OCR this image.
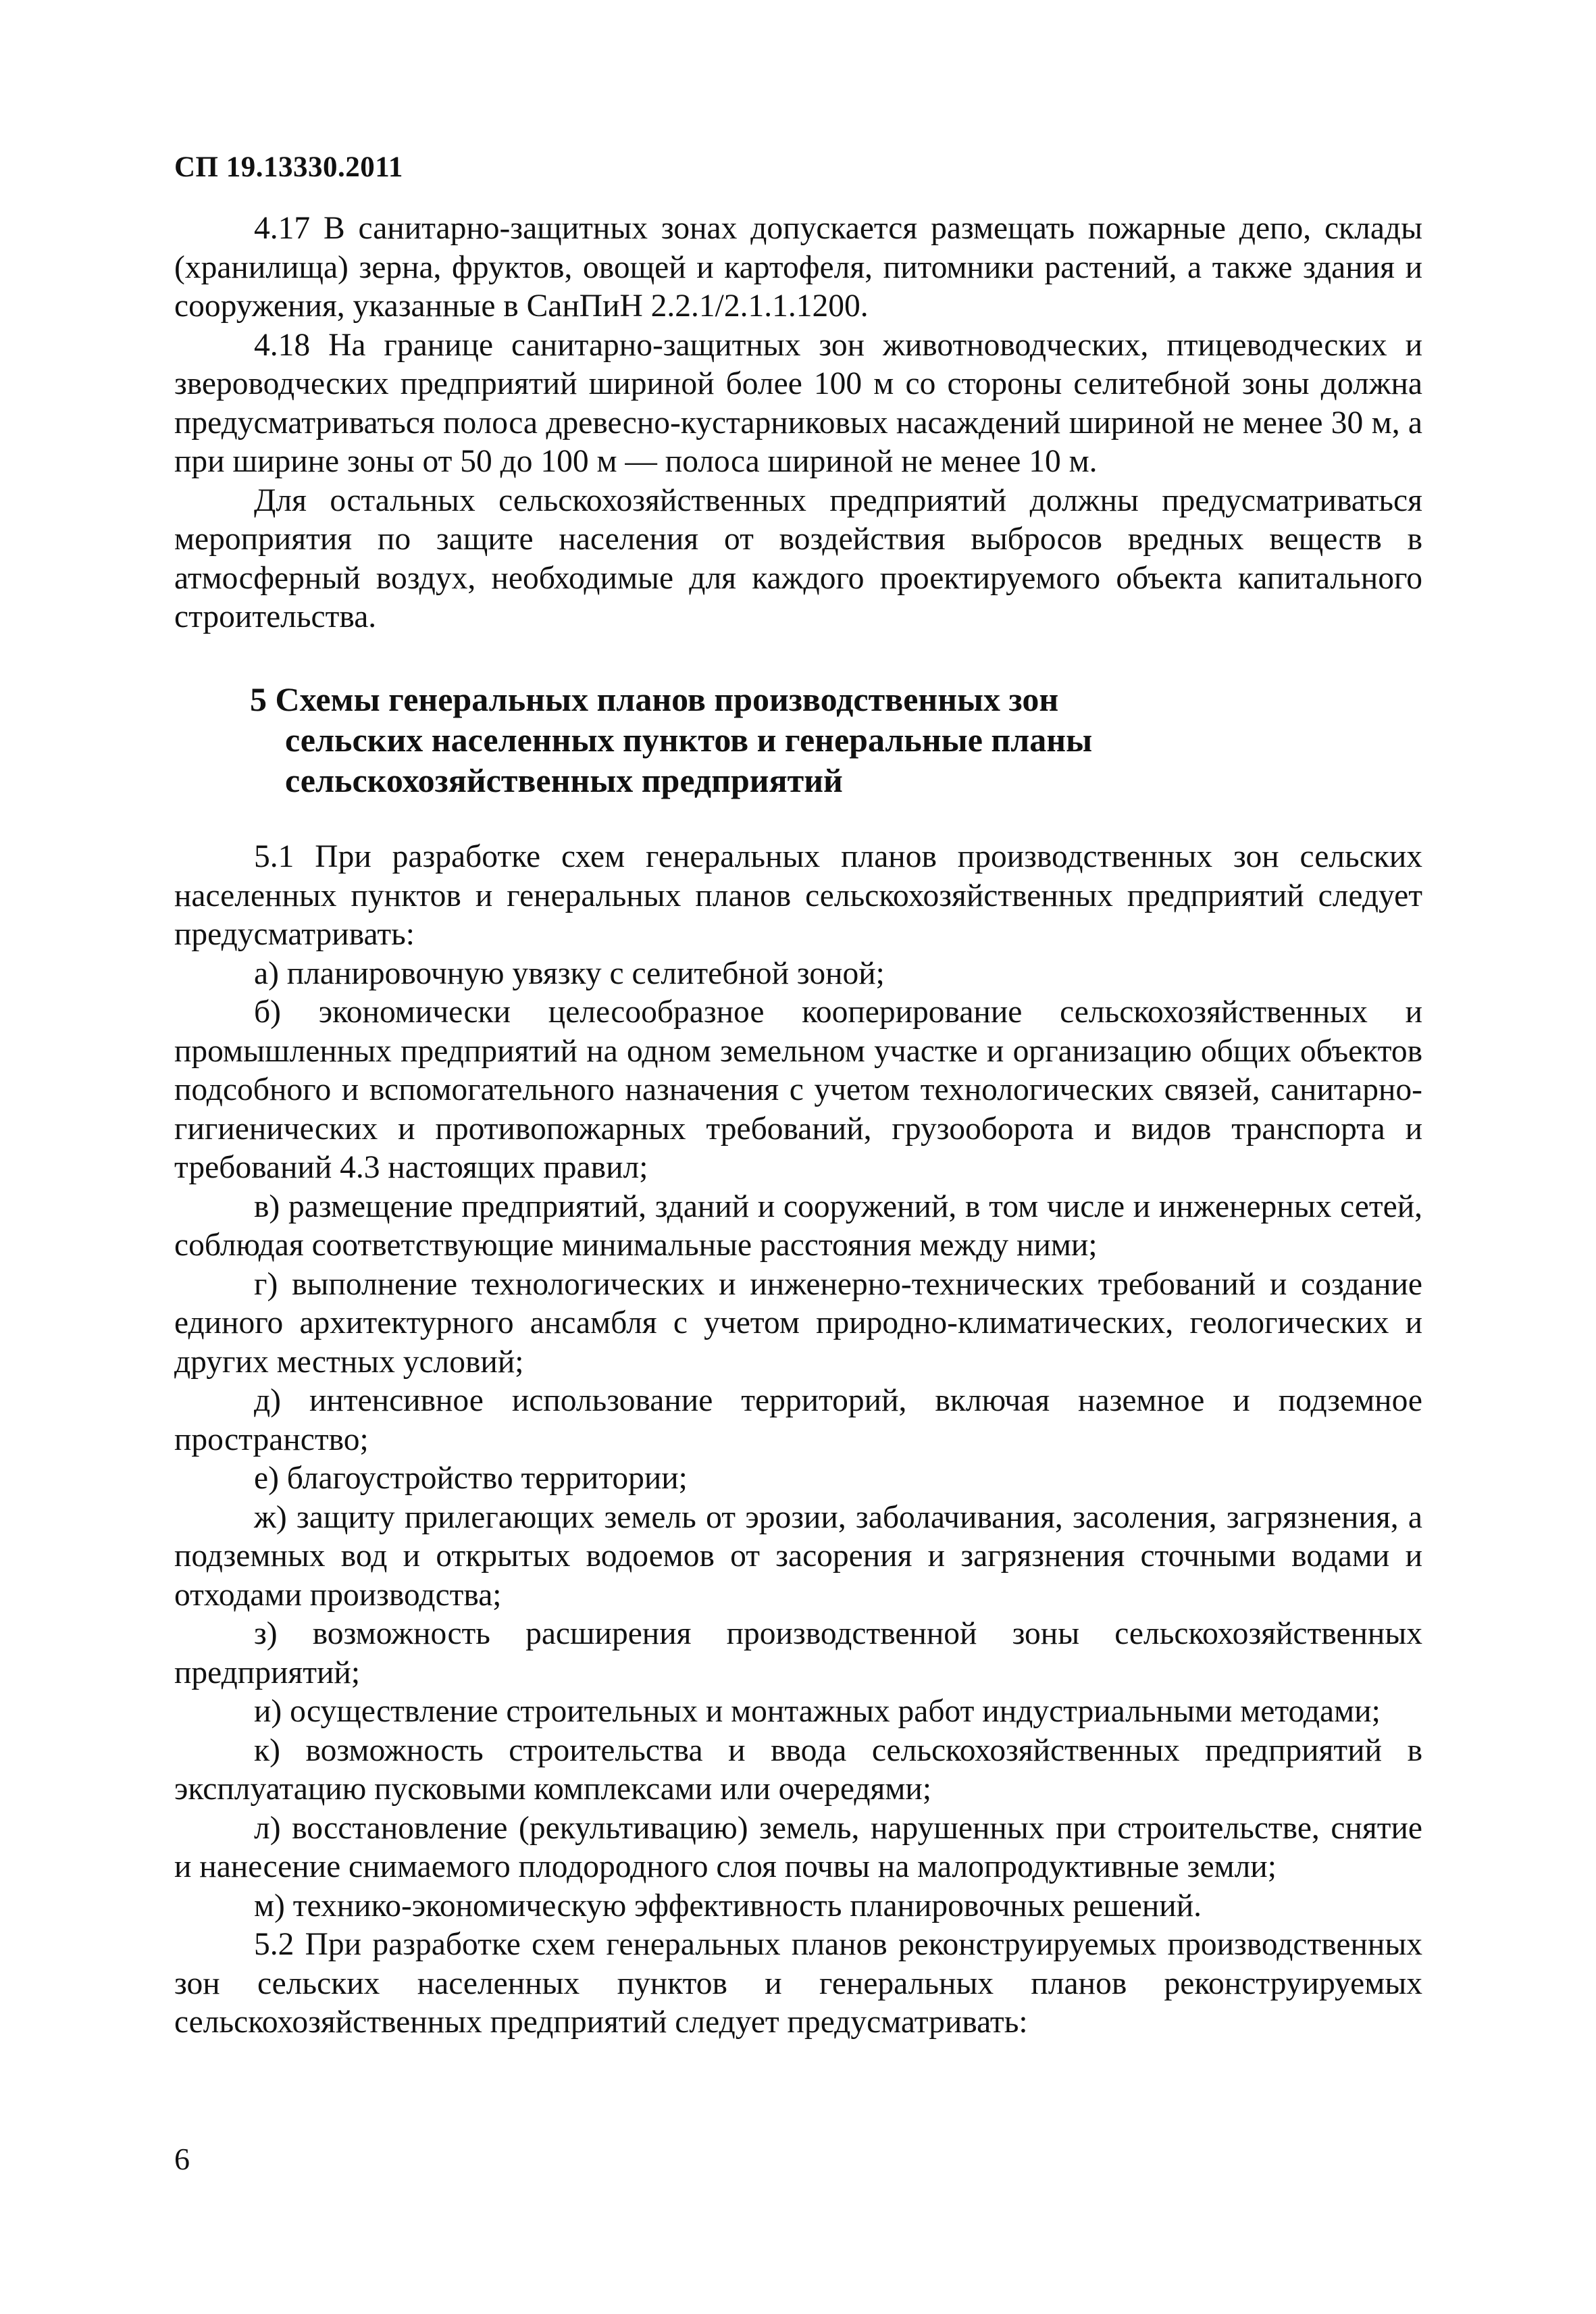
СП 19.13330.2011

4.17 В санитарно-защитных зонах допускается размещать пожарные депо, склады (хранилища) зерна, фруктов, овощей и картофеля, питомники растений, а также здания и сооружения, указанные в СанПиН 2.2.1/2.1.1.1200.

4.18 На границе санитарно-защитных зон животноводческих, птицеводческих и звероводческих предприятий шириной более 100 м со стороны селитебной зоны должна предусматриваться полоса древесно-кустарниковых насаждений шириной не менее 30 м, а при ширине зоны от 50 до 100 м — полоса шириной не менее 10 м.

Для остальных сельскохозяйственных предприятий должны предусматриваться мероприятия по защите населения от воздействия выбросов вредных веществ в атмосферный воздух, необходимые для каждого проектируемого объекта капитального строительства.

5 Схемы генеральных планов производственных зон
сельских населенных пунктов и генеральные планы
сельскохозяйственных предприятий

5.1 При разработке схем генеральных планов производственных зон сельских населенных пунктов и генеральных планов сельскохозяйственных предприятий следует предусматривать:

а) планировочную увязку с селитебной зоной;

б) экономически целесообразное кооперирование сельскохозяйственных и промышленных предприятий на одном земельном участке и организацию общих объектов подсобного и вспомогательного назначения с учетом технологических связей, санитарно-гигиенических и противопожарных требований, грузооборота и видов транспорта и требований 4.3 настоящих правил;

в) размещение предприятий, зданий и сооружений, в том числе и инженерных сетей, соблюдая соответствующие минимальные расстояния между ними;

г) выполнение технологических и инженерно-технических требований и создание единого архитектурного ансамбля с учетом природно-климатических, геологических и других местных условий;

д) интенсивное использование территорий, включая наземное и подземное пространство;

е) благоустройство территории;

ж) защиту прилегающих земель от эрозии, заболачивания, засоления, загрязнения, а подземных вод и открытых водоемов от засорения и загрязнения сточными водами и отходами производства;

з) возможность расширения производственной зоны сельскохозяйственных предприятий;

и) осуществление строительных и монтажных работ индустриальными методами;

к) возможность строительства и ввода сельскохозяйственных предприятий в эксплуатацию пусковыми комплексами или очередями;

л) восстановление (рекультивацию) земель, нарушенных при строительстве, снятие и нанесение снимаемого плодородного слоя почвы на малопродуктивные земли;

м) технико-экономическую эффективность планировочных решений.

5.2 При разработке схем генеральных планов реконструируемых производственных зон сельских населенных пунктов и генеральных планов реконструируемых сельскохозяйственных предприятий следует предусматривать:

6
